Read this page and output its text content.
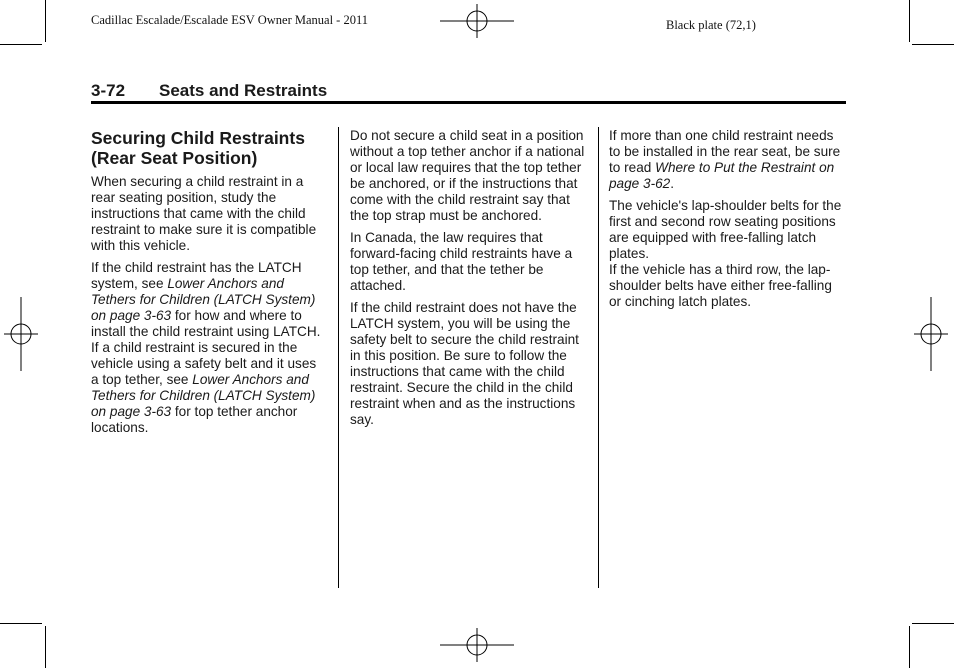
Cadillac Escalade/Escalade ESV Owner Manual - 2011	Black plate (72,1)
3-72 Seats and Restraints
Securing Child Restraints (Rear Seat Position)

When securing a child restraint in a rear seating position, study the instructions that came with the child restraint to make sure it is compatible with this vehicle.

If the child restraint has the LATCH system, see Lower Anchors and Tethers for Children (LATCH System) on page 3-63 for how and where to install the child restraint using LATCH. If a child restraint is secured in the vehicle using a safety belt and it uses a top tether, see Lower Anchors and Tethers for Children (LATCH System) on page 3-63 for top tether anchor locations.

Do not secure a child seat in a position without a top tether anchor if a national or local law requires that the top tether be anchored, or if the instructions that come with the child restraint say that the top strap must be anchored.

In Canada, the law requires that forward-facing child restraints have a top tether, and that the tether be attached.

If the child restraint does not have the LATCH system, you will be using the safety belt to secure the child restraint in this position. Be sure to follow the instructions that came with the child restraint. Secure the child in the child restraint when and as the instructions say.

If more than one child restraint needs to be installed in the rear seat, be sure to read Where to Put the Restraint on page 3-62.

The vehicle's lap-shoulder belts for the first and second row seating positions are equipped with free-falling latch plates.
If the vehicle has a third row, the lap-shoulder belts have either free-falling or cinching latch plates.
